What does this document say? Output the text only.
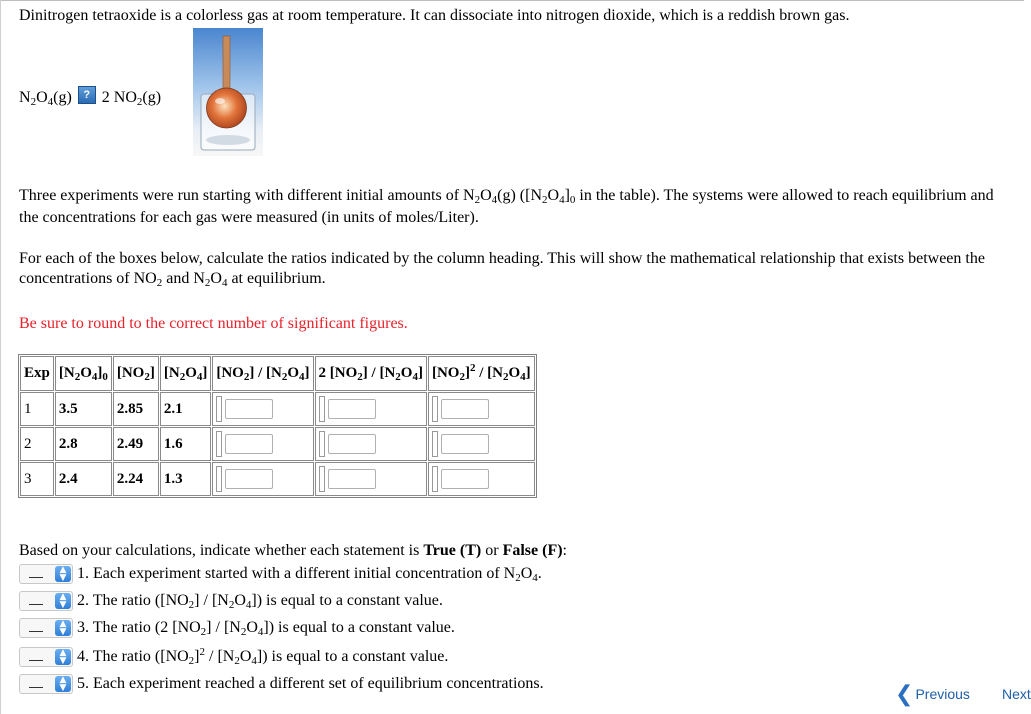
Dinitrogen tetraoxide is a colorless gas at room temperature. It can dissociate into nitrogen dioxide, which is a reddish brown gas.

$N_2O_4(g)$	? 2 $NO_2(g)$

Three experiments were run starting with different initial amounts of $N_2O_4(g)$ ($[N_2O_4]_0$ in the table). The systems were allowed to reach equilibrium and the concentrations for each gas were measured (in units of moles/Liter).

For each of the boxes below, calculate the ratios indicated by the column heading. This will show the mathematical relationship that exists between the concentrations of $NO_2$ and $N_2O_4$ at equilibrium.

Be sure to round to the correct number of significant figures.

Exp	$[N_2O_4]_0$	$[NO_2]$	$[N_2O_4]$	$[NO_2] / [N_2O_4]$	2 $[NO_2] / [N_2O_4]$	$[NO_2]^2 / [N_2O_4]$
1	3.5	2.85	2.1			
2	2.8	2.49	1.6			
3	2.4	2.24	1.3			

Based on your calculations, indicate whether each statement is True (T) or False (F):

▲
▼ 1. Each experiment started with a different initial concentration of $N_2O_4$.
▲
▼ 2. The ratio $([NO_2] / [N_2O_4])$ is equal to a constant value.
▲
▼ 3. The ratio (2 $[NO_2] / [N_2O_4]$) is equal to a constant value.
▲
▼ 4. The ratio $([NO_2]^2 / [N_2O_4])$ is equal to a constant value.
▲
▼ 5. Each experiment reached a different set of equilibrium concentrations.	❮ Previous Next
